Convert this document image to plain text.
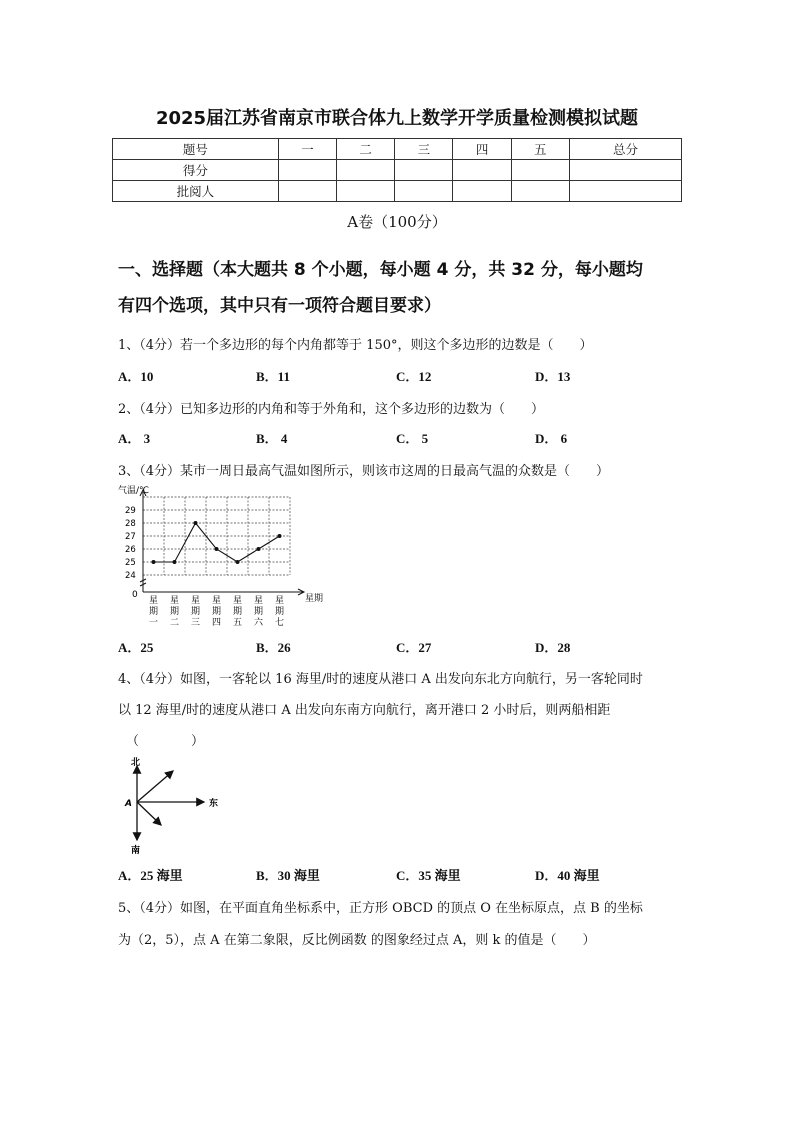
2025届江苏省南京市联合体九上数学开学质量检测模拟试题
题号	一	二	三	四	五	总分
得分						
批阅人						
A卷（100分）
一、选择题（本大题共 8 个小题，每小题 4 分，共 32 分，每小题均
有四个选项，其中只有一项符合题目要求）
1、（4分）若一个多边形的每个内角都等于 150°，则这个多边形的边数是（　　）
A．10	B．11	C．12	D．13
2、（4分）已知多边形的内角和等于外角和，这个多边形的边数为（　　）
A． 3	B． 4	C． 5	D． 6
3、（4分）某市一周日最高气温如图所示，则该市这周的日最高气温的众数是（　　）
气温/℃
星期
0
24
25
26
27
28
29
星期一
星期二
星期三
星期四
星期五
星期六
星期七
A．25	B．26	C．27	D．28
4、（4分）如图，一客轮以 16 海里/时的速度从港口 A 出发向东北方向航行，另一客轮同时
以 12 海里/时的速度从港口 A 出发向东南方向航行，离开港口 2 小时后，则两船相距
（　　　　）
北
南
东
A
A．25 海里	B．30 海里	C．35 海里	D．40 海里
5、（4分）如图，在平面直角坐标系中，正方形 OBCD 的顶点 O 在坐标原点，点 B 的坐标
为（2，5），点 A 在第二象限，反比例函数 的图象经过点 A，则 k 的值是（　　）
